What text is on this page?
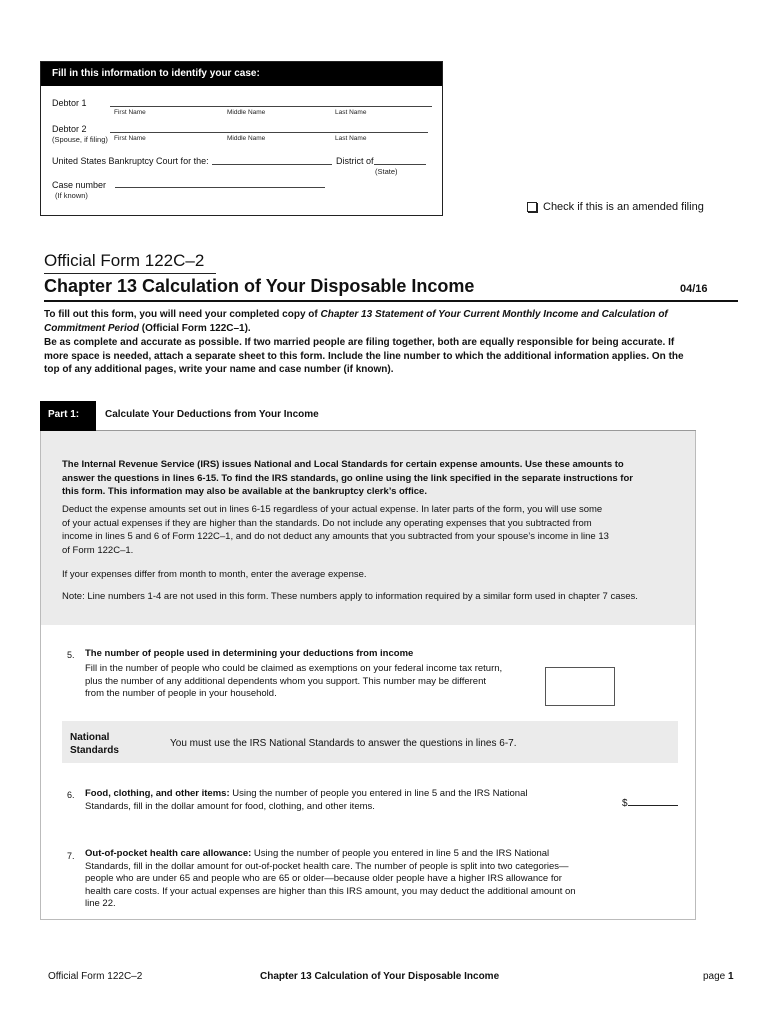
Fill in this information to identify your case:
Debtor 1
First Name	Middle Name	Last Name
Debtor 2
(Spouse, if filing) First Name	Middle Name	Last Name
United States Bankruptcy Court for the:	District of
(State)
Case number
(If known)
Check if this is an amended filing
Official Form 122C–2
Chapter 13 Calculation of Your Disposable Income	04/16
To fill out this form, you will need your completed copy of Chapter 13 Statement of Your Current Monthly Income and Calculation of Commitment Period (Official Form 122C–1).
Be as complete and accurate as possible. If two married people are filing together, both are equally responsible for being accurate. If more space is needed, attach a separate sheet to this form. Include the line number to which the additional information applies. On the top of any additional pages, write your name and case number (if known).
Part 1:	Calculate Your Deductions from Your Income
The Internal Revenue Service (IRS) issues National and Local Standards for certain expense amounts. Use these amounts to answer the questions in lines 6-15. To find the IRS standards, go online using the link specified in the separate instructions for this form. This information may also be available at the bankruptcy clerk’s office.
Deduct the expense amounts set out in lines 6-15 regardless of your actual expense. In later parts of the form, you will use some of your actual expenses if they are higher than the standards. Do not include any operating expenses that you subtracted from income in lines 5 and 6 of Form 122C–1, and do not deduct any amounts that you subtracted from your spouse’s income in line 13 of Form 122C–1.
If your expenses differ from month to month, enter the average expense.
Note: Line numbers 1-4 are not used in this form. These numbers apply to information required by a similar form used in chapter 7 cases.
5. The number of people used in determining your deductions from income
Fill in the number of people who could be claimed as exemptions on your federal income tax return, plus the number of any additional dependents whom you support. This number may be different from the number of people in your household.
National Standards
You must use the IRS National Standards to answer the questions in lines 6-7.
6. Food, clothing, and other items: Using the number of people you entered in line 5 and the IRS National Standards, fill in the dollar amount for food, clothing, and other items.	$
7. Out-of-pocket health care allowance: Using the number of people you entered in line 5 and the IRS National Standards, fill in the dollar amount for out-of-pocket health care. The number of people is split into two categories—people who are under 65 and people who are 65 or older—because older people have a higher IRS allowance for health care costs. If your actual expenses are higher than this IRS amount, you may deduct the additional amount on line 22.
Official Form 122C–2	Chapter 13 Calculation of Your Disposable Income	page 1
